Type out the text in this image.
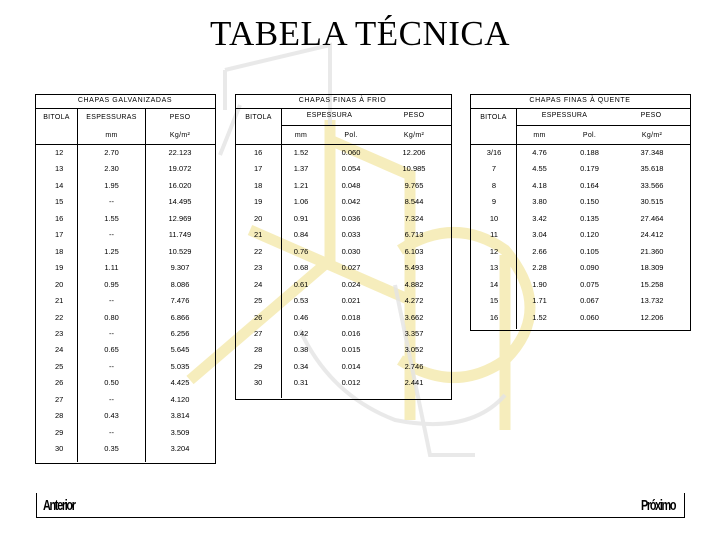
TABELA TÉCNICA
CHAPAS GALVANIZADAS
BITOLA	ESPESSURAS	PESO
mm	Kg/m²
12	2.70	22.123
13	2.30	19.072
14	1.95	16.020
15	--	14.495
16	1.55	12.969
17	--	11.749
18	1.25	10.529
19	1.11	9.307
20	0.95	8.086
21	--	7.476
22	0.80	6.866
23	--	6.256
24	0.65	5.645
25	--	5.035
26	0.50	4.425
27	--	4.120
28	0.43	3.814
29	--	3.509
30	0.35	3.204
CHAPAS FINAS À FRIO
BITOLA	ESPESSURA	PESO
mm	Pol.	Kg/m²
16	1.52	0.060	12.206
17	1.37	0.054	10.985
18	1.21	0.048	9.765
19	1.06	0.042	8.544
20	0.91	0.036	7.324
21	0.84	0.033	6.713
22	0.76	0.030	6.103
23	0.68	0.027	5.493
24	0.61	0.024	4.882
25	0.53	0.021	4.272
26	0.46	0.018	3.662
27	0.42	0.016	3.357
28	0.38	0.015	3.052
29	0.34	0.014	2.746
30	0.31	0.012	2.441
CHAPAS FINAS À QUENTE
BITOLA	ESPESSURA	PESO
mm	Pol.	Kg/m²
3/16	4.76	0.188	37.348
7	4.55	0.179	35.618
8	4.18	0.164	33.566
9	3.80	0.150	30.515
10	3.42	0.135	27.464
11	3.04	0.120	24.412
12	2.66	0.105	21.360
13	2.28	0.090	18.309
14	1.90	0.075	15.258
15	1.71	0.067	13.732
16	1.52	0.060	12.206
Anterior	Próximo
